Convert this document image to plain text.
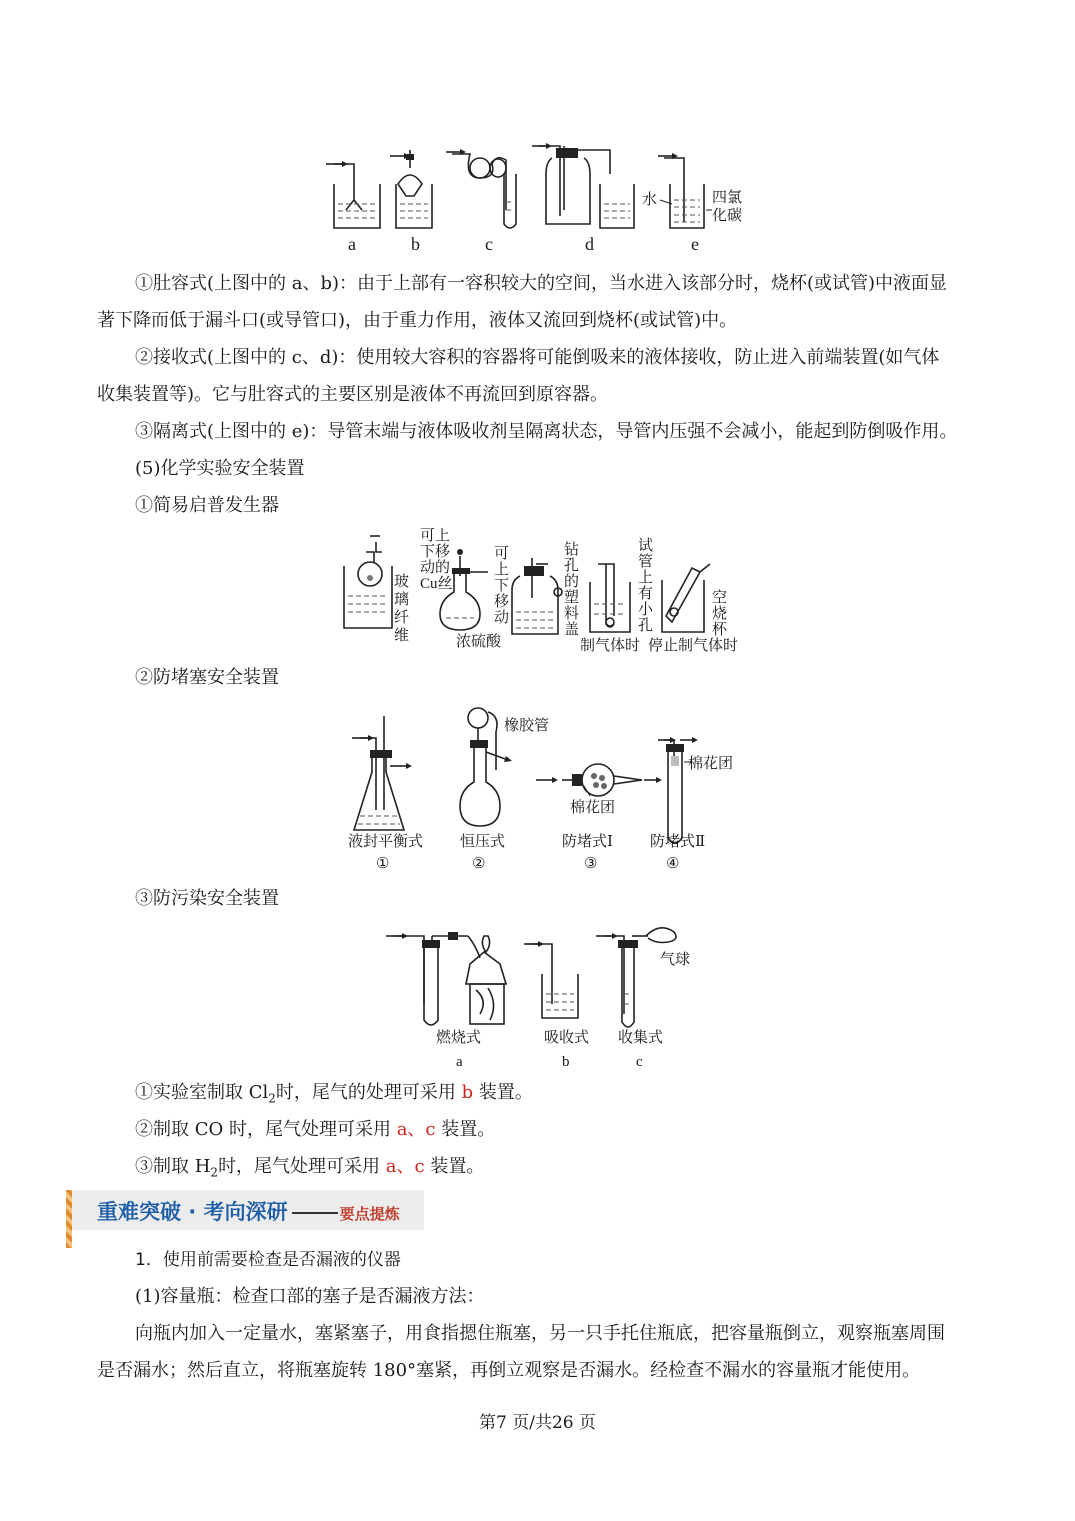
水	四氯
化碳
a	b	c	d	e
①肚容式(上图中的 a、b)：由于上部有一容积较大的空间，当水进入该部分时，烧杯(或试管)中液面显
著下降而低于漏斗口(或导管口)，由于重力作用，液体又流回到烧杯(或试管)中。
②接收式(上图中的 c、d)：使用较大容积的容器将可能倒吸来的液体接收，防止进入前端装置(如气体
收集装置等)。它与肚容式的主要区别是液体不再流回到原容器。
③隔离式(上图中的 e)：导管末端与液体吸收剂呈隔离状态，导管内压强不会减小，能起到防倒吸作用。
(5)化学实验安全装置
①简易启普发生器
玻
璃
纤
维
可上
下移
动的
Cu丝
浓硫酸
可
上
下
移
动
钻
孔
的
塑
料
盖
试
管
上
有
小
孔
空
烧
杯
制气体时 停止制气体时
②防堵塞安全装置
液封平衡式
①
橡胶管
恒压式
②
棉花团
防堵式Ⅰ
③
棉花团
防堵式Ⅱ
④
③防污染安全装置
燃烧式
a
吸收式
b
气球
收集式
c
①实验室制取 $Cl_2$时，尾气的处理可采用 b 装置。
②制取 CO 时，尾气处理可采用 a、c 装置。
③制取 $H_2$时，尾气处理可采用 a、c 装置。
重难突破 · 考向深研	要点提炼
1．使用前需要检查是否漏液的仪器
(1)容量瓶：检查口部的塞子是否漏液方法：
向瓶内加入一定量水，塞紧塞子，用食指摁住瓶塞，另一只手托住瓶底，把容量瓶倒立，观察瓶塞周围
是否漏水；然后直立，将瓶塞旋转 180°塞紧，再倒立观察是否漏水。经检查不漏水的容量瓶才能使用。
第7 页/共26 页
